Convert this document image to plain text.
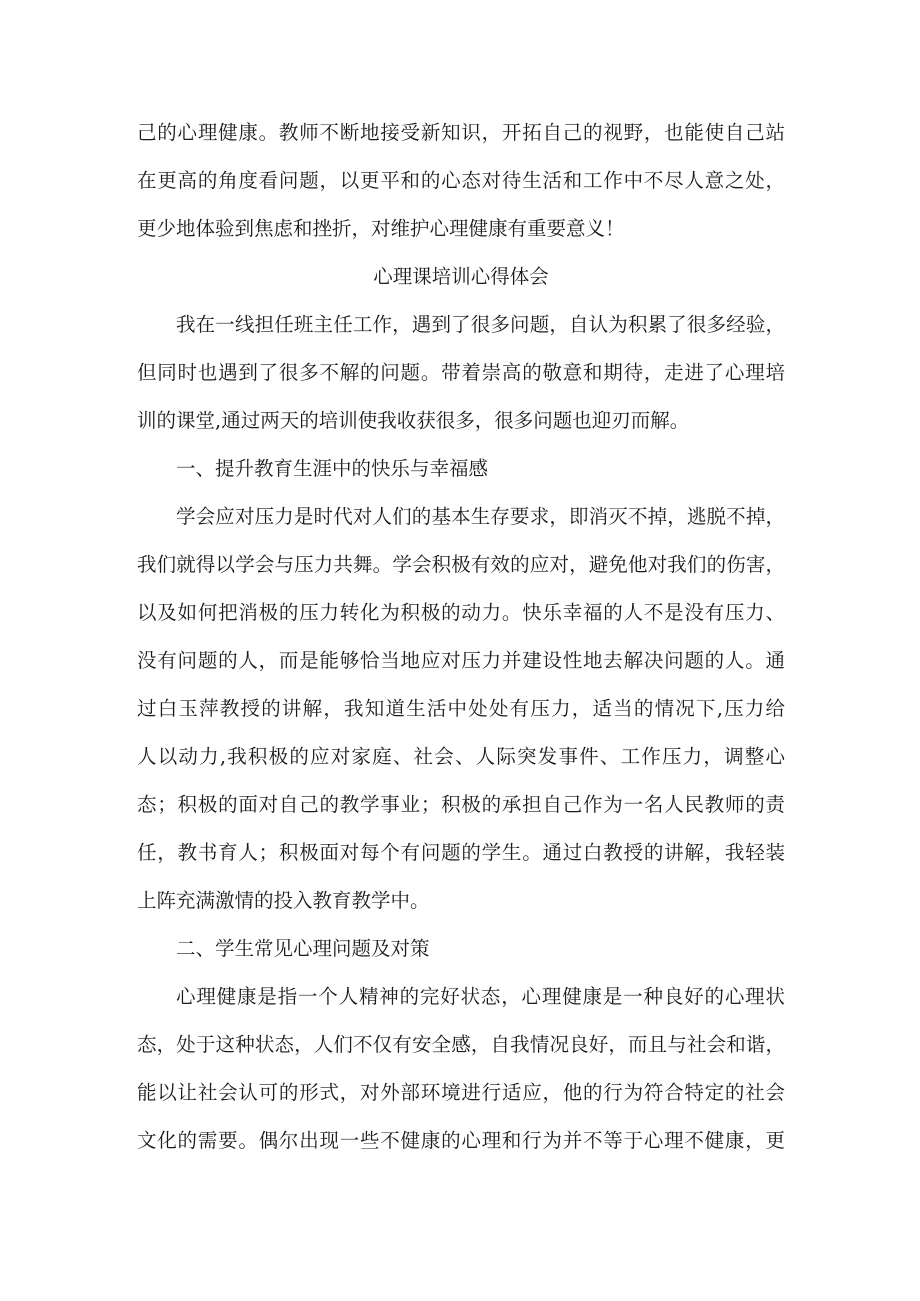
己的心理健康。教师不断地接受新知识，开拓自己的视野，也能使自己站
在更高的角度看问题，以更平和的心态对待生活和工作中不尽人意之处，
更少地体验到焦虑和挫折，对维护心理健康有重要意义！
心理课培训心得体会
我在一线担任班主任工作，遇到了很多问题，自认为积累了很多经验，
但同时也遇到了很多不解的问题。带着崇高的敬意和期待，走进了心理培
训的课堂,通过两天的培训使我收获很多，很多问题也迎刃而解。
一、提升教育生涯中的快乐与幸福感
学会应对压力是时代对人们的基本生存要求，即消灭不掉，逃脱不掉，
我们就得以学会与压力共舞。学会积极有效的应对，避免他对我们的伤害，
以及如何把消极的压力转化为积极的动力。快乐幸福的人不是没有压力、
没有问题的人，而是能够恰当地应对压力并建设性地去解决问题的人。通
过白玉萍教授的讲解，我知道生活中处处有压力，适当的情况下,压力给
人以动力,我积极的应对家庭、社会、人际突发事件、工作压力，调整心
态；积极的面对自己的教学事业；积极的承担自己作为一名人民教师的责
任，教书育人；积极面对每个有问题的学生。通过白教授的讲解，我轻装
上阵充满激情的投入教育教学中。
二、学生常见心理问题及对策
心理健康是指一个人精神的完好状态，心理健康是一种良好的心理状
态，处于这种状态，人们不仅有安全感，自我情况良好，而且与社会和谐，
能以让社会认可的形式，对外部环境进行适应，他的行为符合特定的社会
文化的需要。偶尔出现一些不健康的心理和行为并不等于心理不健康，更
